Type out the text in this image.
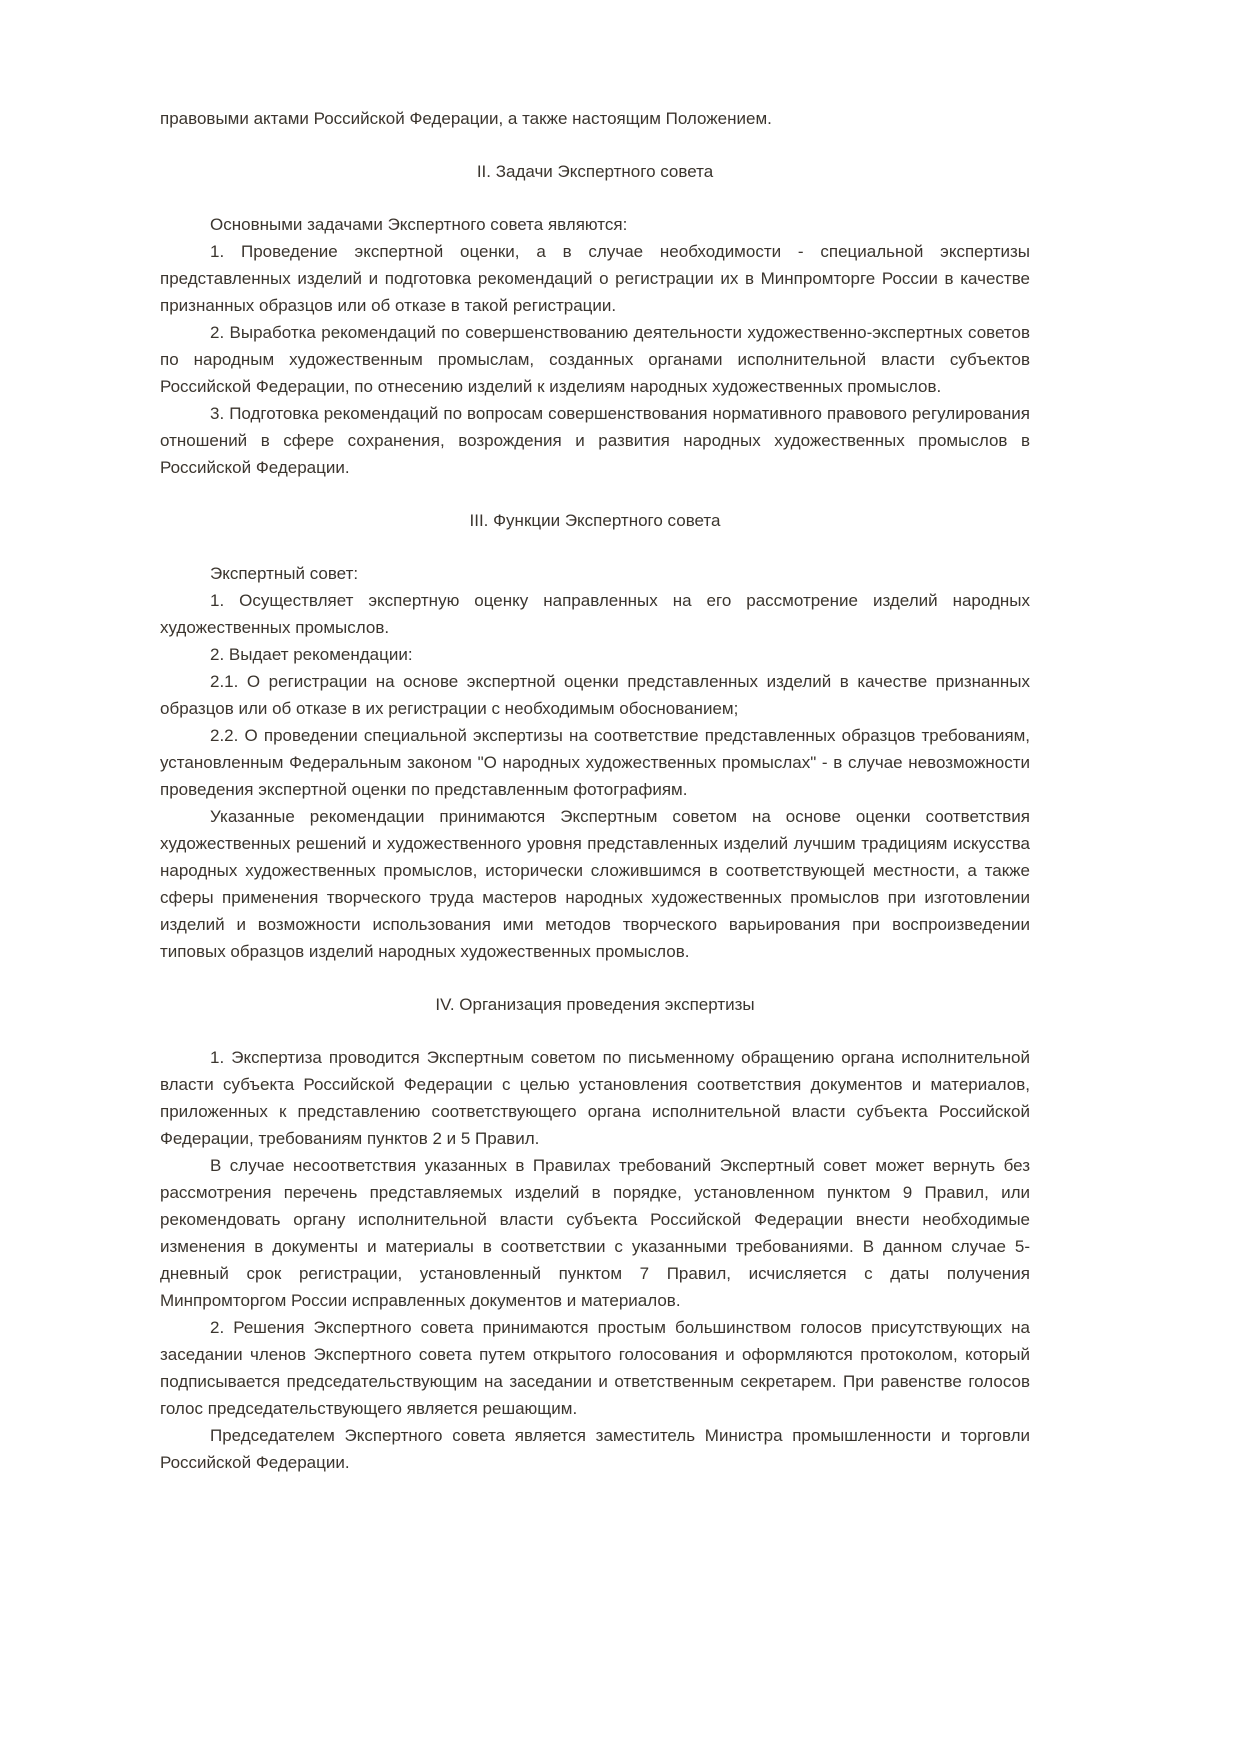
правовыми актами Российской Федерации, а также настоящим Положением.
II. Задачи Экспертного совета
Основными задачами Экспертного совета являются:
1. Проведение экспертной оценки, а в случае необходимости - специальной экспертизы представленных изделий и подготовка рекомендаций о регистрации их в Минпромторге России в качестве признанных образцов или об отказе в такой регистрации.
2. Выработка рекомендаций по совершенствованию деятельности художественно-экспертных советов по народным художественным промыслам, созданных органами исполнительной власти субъектов Российской Федерации, по отнесению изделий к изделиям народных художественных промыслов.
3. Подготовка рекомендаций по вопросам совершенствования нормативного правового регулирования отношений в сфере сохранения, возрождения и развития народных художественных промыслов в Российской Федерации.
III. Функции Экспертного совета
Экспертный совет:
1. Осуществляет экспертную оценку направленных на его рассмотрение изделий народных художественных промыслов.
2. Выдает рекомендации:
2.1. О регистрации на основе экспертной оценки представленных изделий в качестве признанных образцов или об отказе в их регистрации с необходимым обоснованием;
2.2. О проведении специальной экспертизы на соответствие представленных образцов требованиям, установленным Федеральным законом "О народных художественных промыслах" - в случае невозможности проведения экспертной оценки по представленным фотографиям.
Указанные рекомендации принимаются Экспертным советом на основе оценки соответствия художественных решений и художественного уровня представленных изделий лучшим традициям искусства народных художественных промыслов, исторически сложившимся в соответствующей местности, а также сферы применения творческого труда мастеров народных художественных промыслов при изготовлении изделий и возможности использования ими методов творческого варьирования при воспроизведении типовых образцов изделий народных художественных промыслов.
IV. Организация проведения экспертизы
1. Экспертиза проводится Экспертным советом по письменному обращению органа исполнительной власти субъекта Российской Федерации с целью установления соответствия документов и материалов, приложенных к представлению соответствующего органа исполнительной власти субъекта Российской Федерации, требованиям пунктов 2 и 5 Правил.
В случае несоответствия указанных в Правилах требований Экспертный совет может вернуть без рассмотрения перечень представляемых изделий в порядке, установленном пунктом 9 Правил, или рекомендовать органу исполнительной власти субъекта Российской Федерации внести необходимые изменения в документы и материалы в соответствии с указанными требованиями. В данном случае 5-дневный срок регистрации, установленный пунктом 7 Правил, исчисляется с даты получения Минпромторгом России исправленных документов и материалов.
2. Решения Экспертного совета принимаются простым большинством голосов присутствующих на заседании членов Экспертного совета путем открытого голосования и оформляются протоколом, который подписывается председательствующим на заседании и ответственным секретарем. При равенстве голосов голос председательствующего является решающим.
Председателем Экспертного совета является заместитель Министра промышленности и торговли Российской Федерации.
